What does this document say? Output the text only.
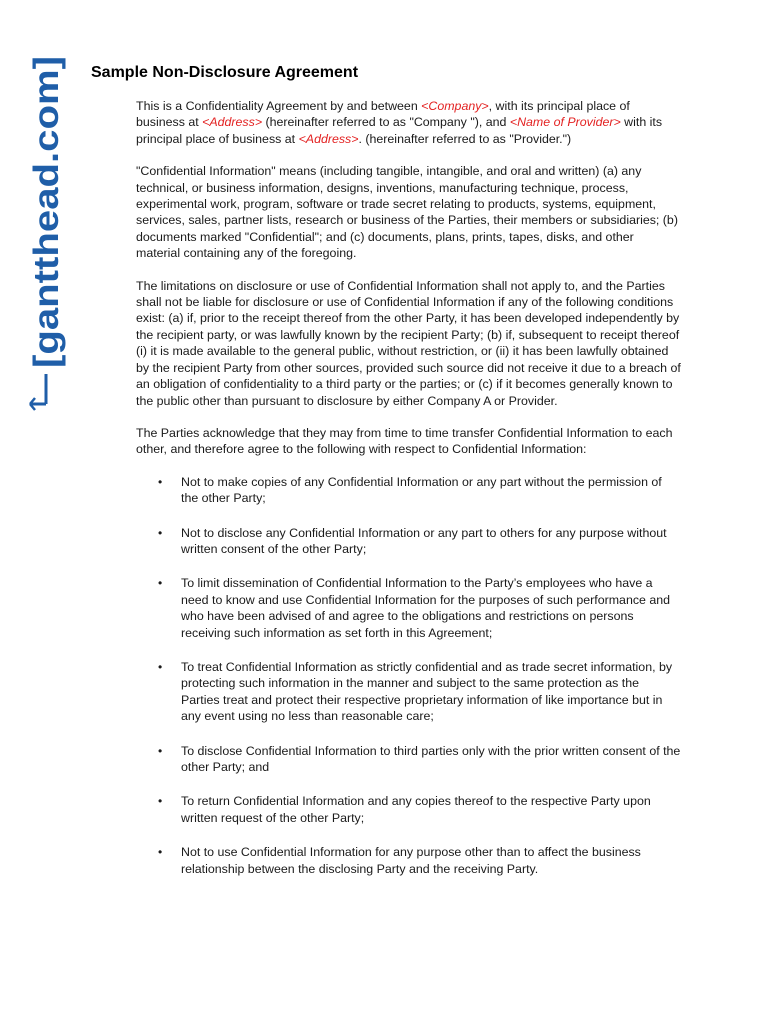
[gantthead.com]
Sample Non-Disclosure Agreement

This is a Confidentiality Agreement by and between <Company>, with its principal place of business at <Address> (hereinafter referred to as "Company "), and <Name of Provider> with its principal place of business at <Address>. (hereinafter referred to as "Provider.")

"Confidential Information" means (including tangible, intangible, and oral and written) (a) any technical, or business information, designs, inventions, manufacturing technique, process, experimental work, program, software or trade secret relating to products, systems, equipment, services, sales, partner lists, research or business of the Parties, their members or subsidiaries; (b) documents marked "Confidential"; and (c) documents, plans, prints, tapes, disks, and other material containing any of the foregoing.

The limitations on disclosure or use of Confidential Information shall not apply to, and the Parties shall not be liable for disclosure or use of Confidential Information if any of the following conditions exist: (a) if, prior to the receipt thereof from the other Party, it has been developed independently by the recipient party, or was lawfully known by the recipient Party; (b) if, subsequent to receipt thereof (i) it is made available to the general public, without restriction, or (ii) it has been lawfully obtained by the recipient Party from other sources, provided such source did not receive it due to a breach of an obligation of confidentiality to a third party or the parties; or (c) if it becomes generally known to the public other than pursuant to disclosure by either Company A or Provider.

The Parties acknowledge that they may from time to time transfer Confidential Information to each other, and therefore agree to the following with respect to Confidential Information:

• Not to make copies of any Confidential Information or any part without the permission of the other Party;
• Not to disclose any Confidential Information or any part to others for any purpose without written consent of the other Party;
• To limit dissemination of Confidential Information to the Party’s employees who have a need to know and use Confidential Information for the purposes of such performance and who have been advised of and agree to the obligations and restrictions on persons receiving such information as set forth in this Agreement;
• To treat Confidential Information as strictly confidential and as trade secret information, by protecting such information in the manner and subject to the same protection as the Parties treat and protect their respective proprietary information of like importance but in any event using no less than reasonable care;
• To disclose Confidential Information to third parties only with the prior written consent of the other Party; and
• To return Confidential Information and any copies thereof to the respective Party upon written request of the other Party;
• Not to use Confidential Information for any purpose other than to affect the business relationship between the disclosing Party and the receiving Party.
